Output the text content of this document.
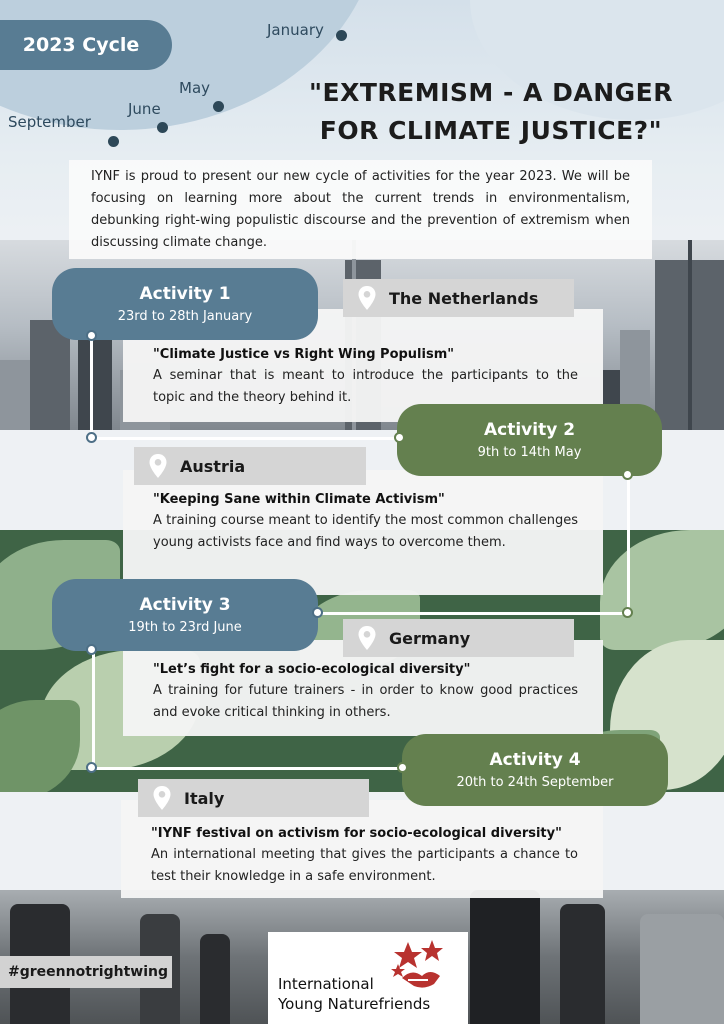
2023 Cycle
January
May
June
September
"EXTREMISM - A DANGER
FOR CLIMATE JUSTICE?"
IYNF is proud to present our new cycle of activities for the year 2023. We will be focusing on learning more about the current trends in environmentalism, debunking right-wing populistic discourse and the prevention of extremism when discussing climate change.
"Climate Justice vs Right Wing Populism"
A seminar that is meant to introduce the participants to the topic and the theory behind it.
Activity 1
23rd to 28th January
The Netherlands
"Keeping Sane within Climate Activism"
A training course meant to identify the most common challenges young activists face and find ways to overcome them.
Activity 2
9th to 14th May
Austria
"Let’s fight for a socio-ecological diversity"
A training for future trainers - in order to know good practices and evoke critical thinking in others.
Activity 3
19th to 23rd June
Germany
"IYNF festival on activism for socio-ecological diversity"
An international meeting that gives the participants a chance to test their knowledge in a safe environment.
Activity 4
20th to 24th September
Italy
#greennotrightwing
International
Young Naturefriends
